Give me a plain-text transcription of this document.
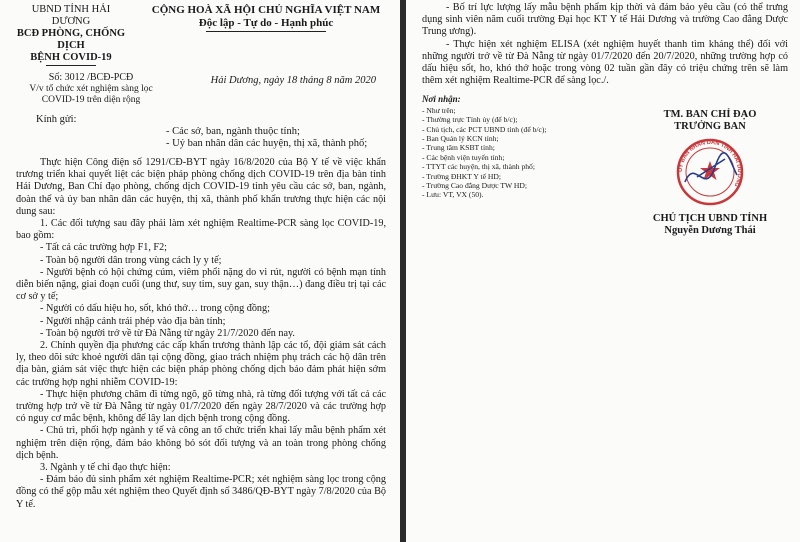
UBND TỈNH HẢI DƯƠNG
BCĐ PHÒNG, CHỐNG DỊCH
BỆNH COVID-19
CỘNG HOÀ XÃ HỘI CHỦ NGHĨA VIỆT NAM
Độc lập - Tự do - Hạnh phúc
Số: 3012 /BCĐ-PCĐ
V/v tổ chức xét nghiệm sàng lọc
COVID-19 trên diện rộng
Hải Dương, ngày 18 tháng 8 năm 2020
Kính gửi:
- Các sở, ban, ngành thuộc tỉnh;
- Uỷ ban nhân dân các huyện, thị xã, thành phố;

Thực hiện Công điện số 1291/CĐ-BYT ngày 16/8/2020 của Bộ Y tế về việc khẩn trương triển khai quyết liệt các biện pháp phòng chống dịch COVID-19 trên địa bàn tỉnh Hải Dương, Ban Chỉ đạo phòng, chống dịch COVID-19 tỉnh yêu cầu các sở, ban, ngành, đoàn thể và ủy ban nhân dân các huyện, thị xã, thành phố khẩn trương thực hiện các nội dung sau:

1. Các đối tượng sau đây phải làm xét nghiệm Realtime-PCR sàng lọc COVID-19, bao gồm:

- Tất cả các trường hợp F1, F2;

- Toàn bộ người dân trong vùng cách ly y tế;

- Người bệnh có hội chứng cúm, viêm phổi nặng do vi rút, người có bệnh mạn tính diễn biến nặng, giai đoạn cuối (ung thư, suy tim, suy gan, suy thận…) đang điều trị tại các cơ sở y tế;

- Người có dấu hiệu ho, sốt, khó thở… trong cộng đồng;

- Người nhập cảnh trái phép vào địa bàn tỉnh;

- Toàn bộ người trở về từ Đà Nẵng từ ngày 21/7/2020 đến nay.

2. Chính quyền địa phương các cấp khẩn trương thành lập các tổ, đội giám sát cách ly, theo dõi sức khoẻ người dân tại cộng đồng, giao trách nhiệm phụ trách các hộ dân trên địa bàn, giám sát việc thực hiện các biện pháp phòng chống dịch bảo đảm phát hiện sớm các trường hợp nghi nhiễm COVID-19:

- Thực hiện phương châm đi từng ngõ, gõ từng nhà, rà từng đối tượng với tất cả các trường hợp trở về từ Đà Nẵng từ ngày 01/7/2020 đến ngày 28/7/2020 và các trường hợp có nguy cơ mắc bệnh, không để lây lan dịch bệnh trong cộng đồng.

- Chủ trì, phối hợp ngành y tế và công an tổ chức triển khai lấy mẫu bệnh phẩm xét nghiệm trên diện rộng, đảm bảo không bỏ sót đối tượng và an toàn trong phòng chống dịch bệnh.

3. Ngành y tế chỉ đạo thực hiện:

- Đảm bảo đủ sinh phẩm xét nghiệm Realtime-PCR; xét nghiệm sàng lọc trong cộng đồng có thể gộp mẫu xét nghiệm theo Quyết định số 3486/QĐ-BYT ngày 7/8/2020 của Bộ Y tế.

- Bố trí lực lượng lấy mẫu bệnh phẩm kịp thời và đảm bảo yêu cầu (có thể trưng dụng sinh viên năm cuối trường Đại học KT Y tế Hải Dương và trường Cao đẳng Dược Trung ương).

- Thực hiện xét nghiệm ELISA (xét nghiệm huyết thanh tìm kháng thể) đối với những người trở về từ Đà Nẵng từ ngày 01/7/2020 đến 20/7/2020, những trường hợp có dấu hiệu sốt, ho, khó thở hoặc trong vòng 02 tuần gần đây có triệu chứng trên sẽ làm thêm xét nghiệm Realtime-PCR để sàng lọc./.

Nơi nhận:
- Như trên;
- Thường trực Tỉnh ủy (để b/c);
- Chủ tịch, các PCT UBND tỉnh (để b/c);
- Ban Quản lý KCN tỉnh;
- Trung tâm KSBT tỉnh;
- Các bệnh viện tuyến tỉnh;
- TTYT các huyện, thị xã, thành phố;
- Trường ĐHKT Y tế HD;
- Trường Cao đẳng Dược TW HD;
- Lưu: VT, VX (50).
TM. BAN CHỈ ĐẠO
TRƯỞNG BAN
UỶ BAN NHÂN DÂN TỈNH HẢI DƯƠNG
CHỦ TỊCH UBND TỈNH
Nguyễn Dương Thái
